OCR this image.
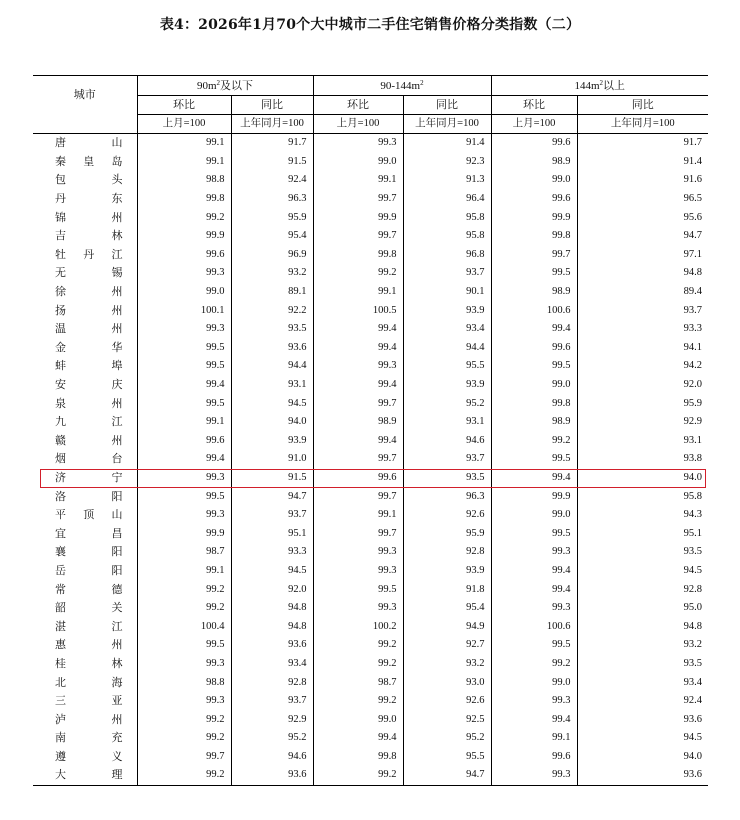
表4：2026年1月70个大中城市二手住宅销售价格分类指数（二）
城市	$90m^2$及以下		$90-144m^2$		$144m^2$以上	
	环比	同比	环比	同比	环比	同比
	上月=100	上年同月=100	上月=100	上年同月=100	上月=100	上年同月=100
唐山	99.1	91.7	99.3	91.4	99.6	91.7
秦皇岛	99.1	91.5	99.0	92.3	98.9	91.4
包头	98.8	92.4	99.1	91.3	99.0	91.6
丹东	99.8	96.3	99.7	96.4	99.6	96.5
锦州	99.2	95.9	99.9	95.8	99.9	95.6
吉林	99.9	95.4	99.7	95.8	99.8	94.7
牡丹江	99.6	96.9	99.8	96.8	99.7	97.1
无锡	99.3	93.2	99.2	93.7	99.5	94.8
徐州	99.0	89.1	99.1	90.1	98.9	89.4
扬州	100.1	92.2	100.5	93.9	100.6	93.7
温州	99.3	93.5	99.4	93.4	99.4	93.3
金华	99.5	93.6	99.4	94.4	99.6	94.1
蚌埠	99.5	94.4	99.3	95.5	99.5	94.2
安庆	99.4	93.1	99.4	93.9	99.0	92.0
泉州	99.5	94.5	99.7	95.2	99.8	95.9
九江	99.1	94.0	98.9	93.1	98.9	92.9
赣州	99.6	93.9	99.4	94.6	99.2	93.1
烟台	99.4	91.0	99.7	93.7	99.5	93.8
济宁	99.3	91.5	99.6	93.5	99.4	94.0
洛阳	99.5	94.7	99.7	96.3	99.9	95.8
平顶山	99.3	93.7	99.1	92.6	99.0	94.3
宜昌	99.9	95.1	99.7	95.9	99.5	95.1
襄阳	98.7	93.3	99.3	92.8	99.3	93.5
岳阳	99.1	94.5	99.3	93.9	99.4	94.5
常德	99.2	92.0	99.5	91.8	99.4	92.8
韶关	99.2	94.8	99.3	95.4	99.3	95.0
湛江	100.4	94.8	100.2	94.9	100.6	94.8
惠州	99.5	93.6	99.2	92.7	99.5	93.2
桂林	99.3	93.4	99.2	93.2	99.2	93.5
北海	98.8	92.8	98.7	93.0	99.0	93.4
三亚	99.3	93.7	99.2	92.6	99.3	92.4
泸州	99.2	92.9	99.0	92.5	99.4	93.6
南充	99.2	95.2	99.4	95.2	99.1	94.5
遵义	99.7	94.6	99.8	95.5	99.6	94.0
大理	99.2	93.6	99.2	94.7	99.3	93.6
